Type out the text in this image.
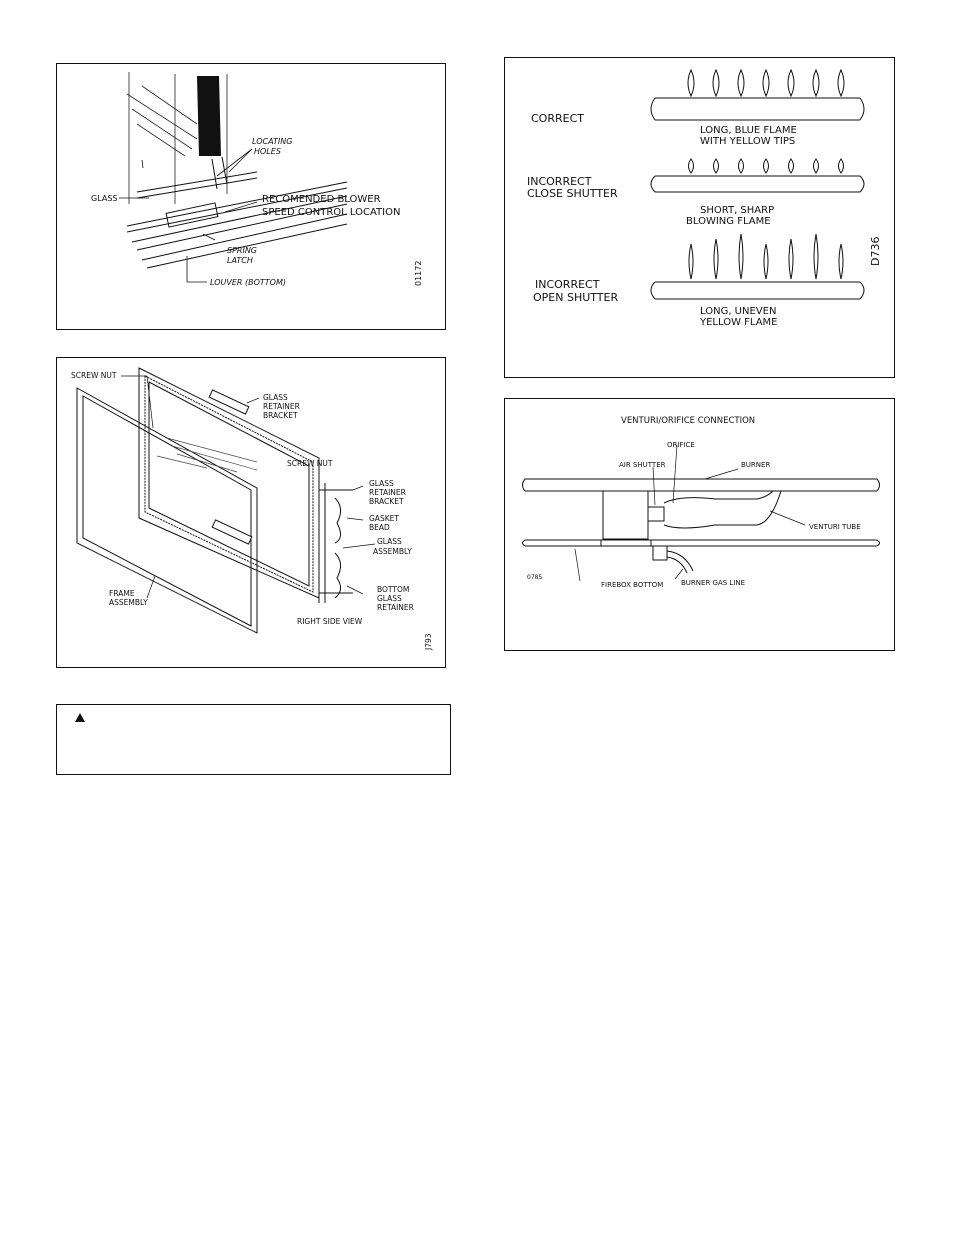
LOCATING
HOLES
GLASS	RECOMENDED BLOWER
SPEED CONTROL LOCATION
SPRING
LATCH
LOUVER (BOTTOM)	01172
CORRECT
LONG, BLUE FLAME
WITH YELLOW TIPS
INCORRECT
CLOSE SHUTTER
SHORT, SHARP
BLOWING FLAME
INCORRECT
OPEN SHUTTER
LONG, UNEVEN
YELLOW FLAME
D736
SCREW NUT
GLASS
RETAINER
BRACKET
SCREW NUT
GLASS
RETAINER
BRACKET
GASKET
BEAD
GLASS
ASSEMBLY
FRAME
ASSEMBLY
BOTTOM
GLASS
RETAINER
RIGHT SIDE VIEW
J793
VENTURI/ORIFICE CONNECTION
ORIFICE
AIR SHUTTER	BURNER
VENTURI TUBE
FIREBOX BOTTOM	BURNER GAS LINE
0785
